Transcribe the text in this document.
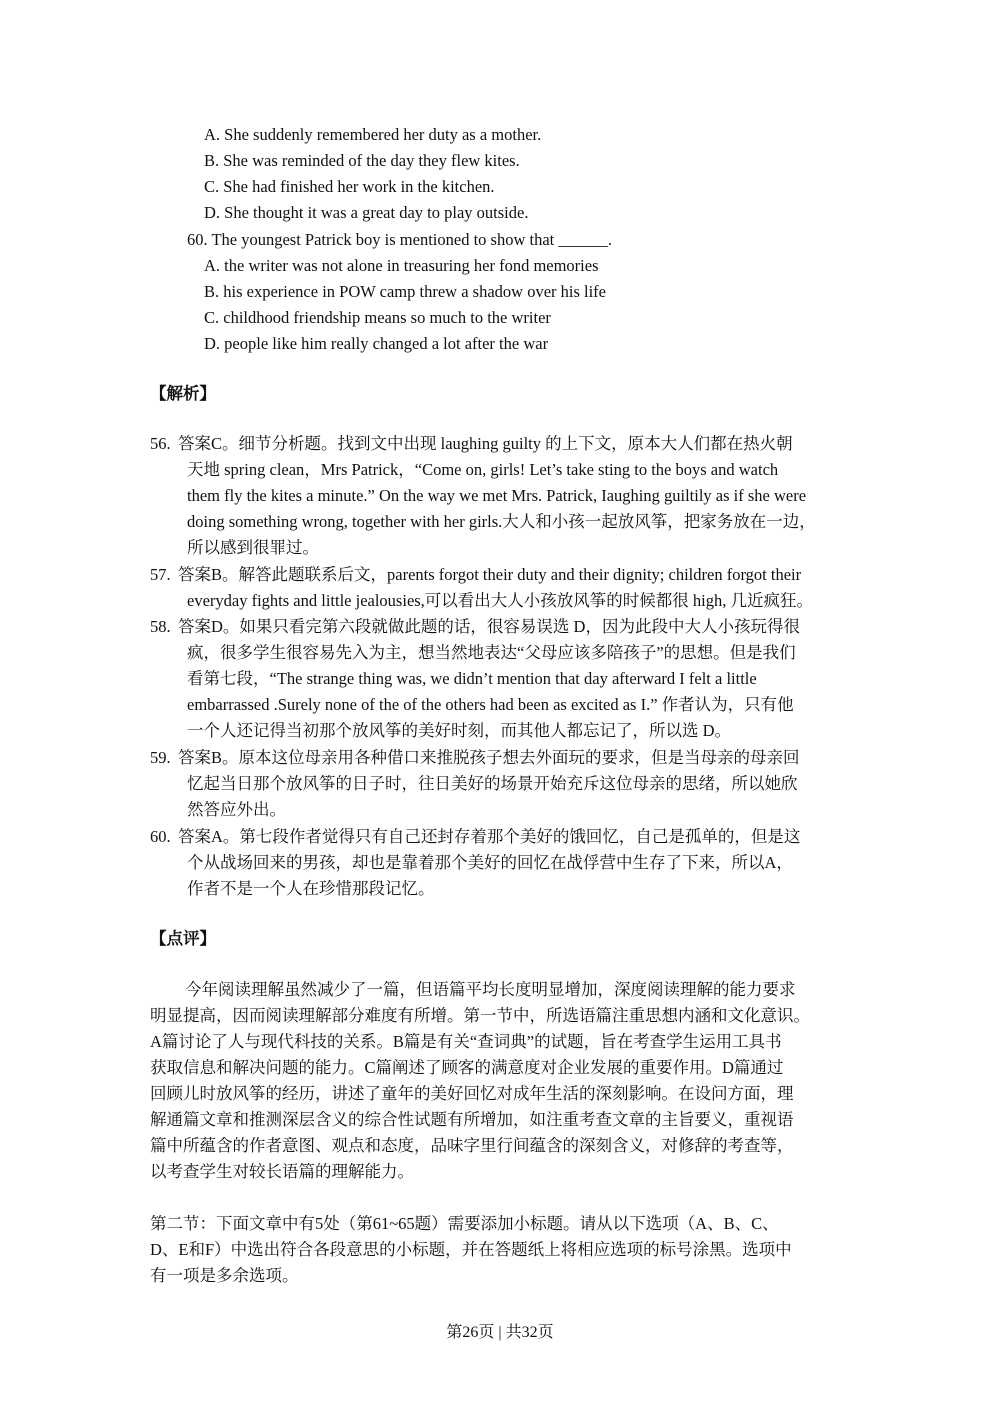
A. She suddenly remembered her duty as a mother.
B. She was reminded of the day they flew kites.
C. She had finished her work in the kitchen.
D. She thought it was a great day to play outside.
60. The youngest Patrick boy is mentioned to show that ______.
A. the writer was not alone in treasuring her fond memories
B. his experience in POW camp threw a shadow over his life
C. childhood friendship means so much to the writer
D. people like him really changed a lot after the war
【解析】
56. 答案C。细节分析题。找到文中出现 laughing guilty 的上下文，原本大人们都在热火朝
天地 spring clean，Mrs Patrick，“Come on, girls! Let’s take sting to the boys and watch
them fly the kites a minute.” On the way we met Mrs. Patrick, Iaughing guiltily as if she were
doing something wrong, together with her girls.大人和小孩一起放风筝，把家务放在一边，
所以感到很罪过。
57. 答案B。解答此题联系后文，parents forgot their duty and their dignity; children forgot their
everyday fights and little jealousies,可以看出大人小孩放风筝的时候都很 high, 几近疯狂。
58. 答案D。如果只看完第六段就做此题的话，很容易误选 D，因为此段中大人小孩玩得很
疯，很多学生很容易先入为主，想当然地表达“父母应该多陪孩子”的思想。但是我们
看第七段，“The strange thing was, we didn’t mention that day afterward I felt a little
embarrassed .Surely none of the of the others had been as excited as I.” 作者认为，只有他
一个人还记得当初那个放风筝的美好时刻，而其他人都忘记了，所以选 D。
59. 答案B。原本这位母亲用各种借口来推脱孩子想去外面玩的要求，但是当母亲的母亲回
忆起当日那个放风筝的日子时，往日美好的场景开始充斥这位母亲的思绪，所以她欣
然答应外出。
60. 答案A。第七段作者觉得只有自己还封存着那个美好的饿回忆，自己是孤单的，但是这
个从战场回来的男孩，却也是靠着那个美好的回忆在战俘营中生存了下来，所以A，
作者不是一个人在珍惜那段记忆。
【点评】
今年阅读理解虽然减少了一篇，但语篇平均长度明显增加，深度阅读理解的能力要求
明显提高，因而阅读理解部分难度有所增。第一节中，所选语篇注重思想内涵和文化意识。
A篇讨论了人与现代科技的关系。B篇是有关“查词典”的试题，旨在考查学生运用工具书
获取信息和解决问题的能力。C篇阐述了顾客的满意度对企业发展的重要作用。D篇通过
回顾儿时放风筝的经历，讲述了童年的美好回忆对成年生活的深刻影响。在设问方面，理
解通篇文章和推测深层含义的综合性试题有所增加，如注重考查文章的主旨要义，重视语
篇中所蕴含的作者意图、观点和态度，品味字里行间蕴含的深刻含义，对修辞的考查等，
以考查学生对较长语篇的理解能力。
第二节：下面文章中有5处（第61~65题）需要添加小标题。请从以下选项（A、B、C、
D、E和F）中选出符合各段意思的小标题，并在答题纸上将相应选项的标号涂黑。选项中
有一项是多余选项。
第26页 | 共32页
